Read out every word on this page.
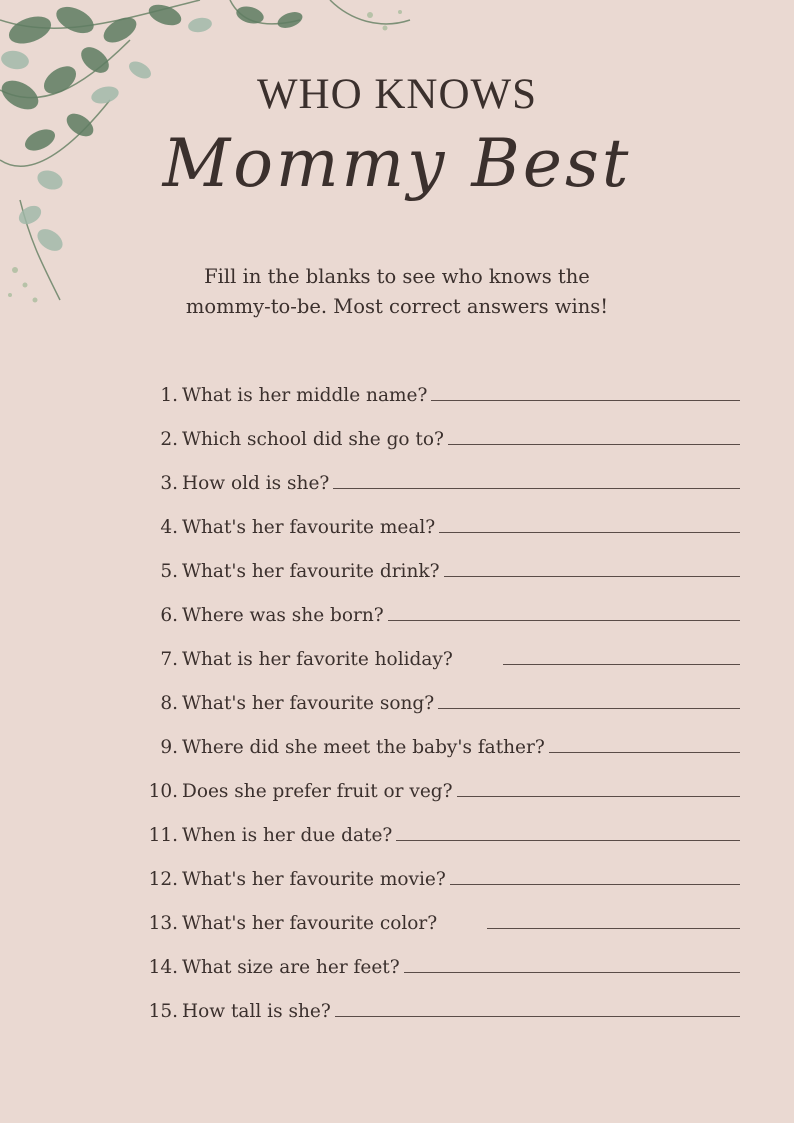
WHO KNOWS
Mommy Best
Fill in the blanks to see who knows the
mommy-to-be. Most correct answers wins!
1. What is her middle name?
2. Which school did she go to?
3. How old is she?
4. What's her favourite meal?
5. What's her favourite drink?
6. Where was she born?
7. What is her favorite holiday?
8. What's her favourite song?
9. Where did she meet the baby's father?
10. Does she prefer fruit or veg?
11. When is her due date?
12. What's her favourite movie?
13. What's her favourite color?
14. What size are her feet?
15. How tall is she?
